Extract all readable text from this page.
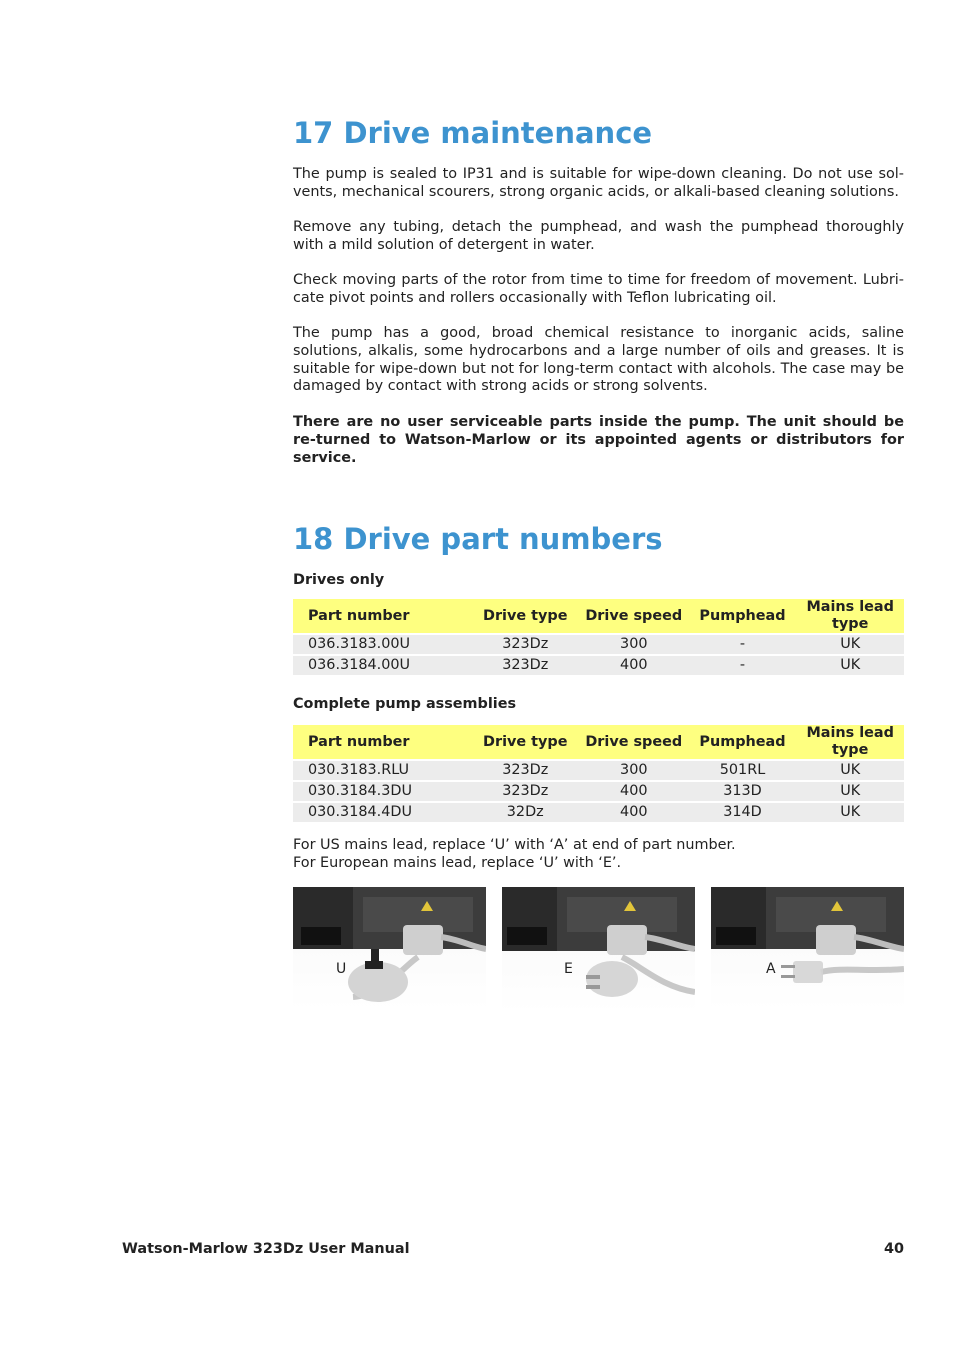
17 Drive maintenance

The pump is sealed to IP31 and is suitable for wipe-down cleaning. Do not use sol-vents, mechanical scourers, strong organic acids, or alkali-based cleaning solutions.

Remove any tubing, detach the pumphead, and wash the pumphead thoroughly with a mild solution of detergent in water.

Check moving parts of the rotor from time to time for freedom of movement. Lubri-cate pivot points and rollers occasionally with Teflon lubricating oil.

The pump has a good, broad chemical resistance to inorganic acids, saline solutions, alkalis, some hydrocarbons and a large number of oils and greases. It is suitable for wipe-down but not for long-term contact with alcohols. The case may be damaged by contact with strong acids or strong solvents.

There are no user serviceable parts inside the pump. The unit should be re-turned to Watson-Marlow or its appointed agents or distributors for service.

18 Drive part numbers
Drives only
Part number	Drive type	Drive speed	Pumphead	Mains lead type
036.3183.00U	323Dz	300	-	UK
036.3184.00U	323Dz	400	-	UK
Complete pump assemblies
Part number	Drive type	Drive speed	Pumphead	Mains lead type
030.3183.RLU	323Dz	300	501RL	UK
030.3184.3DU	323Dz	400	313D	UK
030.3184.4DU	32Dz	400	314D	UK

For US mains lead, replace ‘U’ with ‘A’ at end of part number.

For European mains lead, replace ‘U’ with ‘E’.

U	E	A
Watson-Marlow 323Dz User Manual	40
